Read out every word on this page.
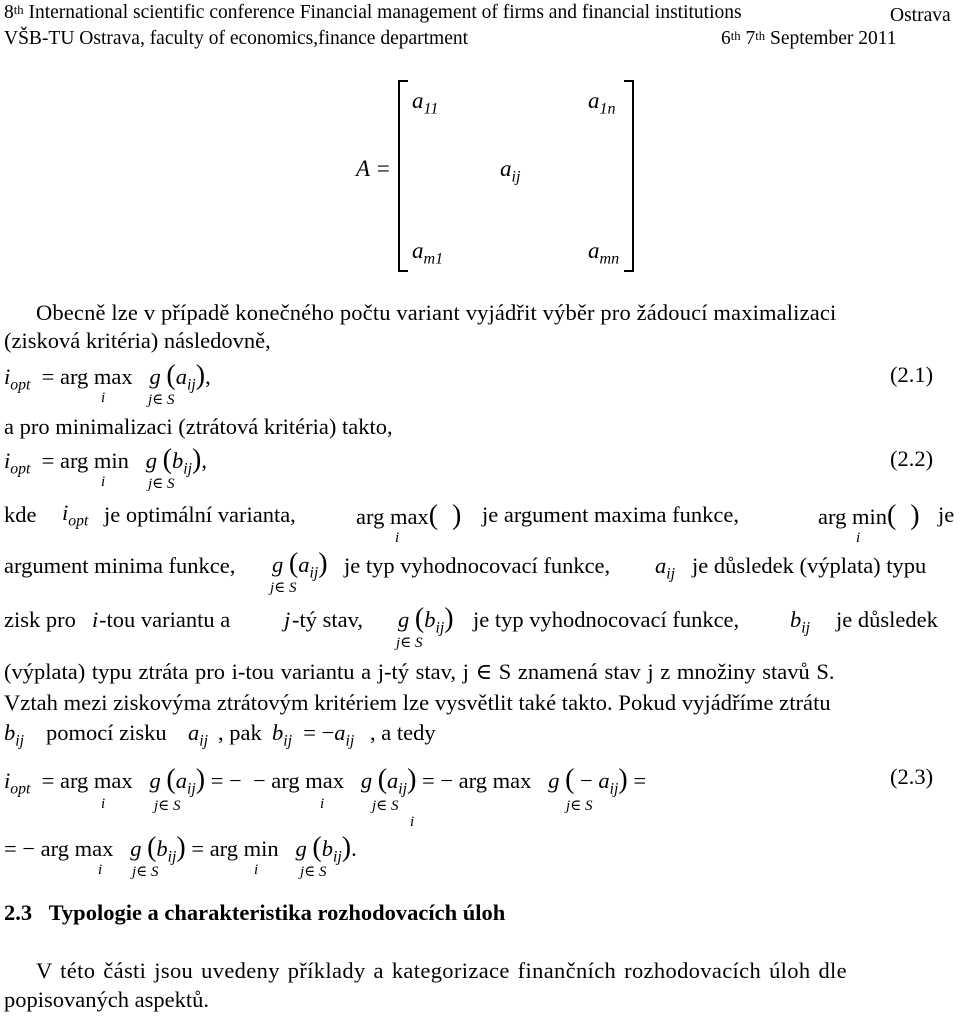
8th International scientific conference Financial management of firms and financial institutions	Ostrava
VŠB-TU Ostrava, faculty of economics,finance department	6th 7th September 2011
A =
$a_{11}$	$a_{1n}$
$a_{ij}$
$a_{m1}$	$a_{mn}$
Obecně lze v případě konečného počtu variant vyjádřit výběr pro žádoucí maximalizaci
(zisková kritéria) následovně,
$i_{opt}$  = arg max   g $(a_{ij})$,
i	j∈ S
(2.1)
a pro minimalizaci (ztrátová kritéria) takto,
$i_{opt}$  = arg min   g $(b_{ij})$,
i	j∈ S
(2.2)
kde	$i_{opt}$ je optimální varianta,	arg max(  )
i
je argument maxima funkce,	arg min(  )
i
je
argument minima funkce, g $(a_{ij})$
j∈ S
je typ vyhodnocovací funkce, $a_{ij}$ je důsledek (výplata) typu
zisk pro i -tou variantu a j -tý stav, g $(b_{ij})$
j∈ S
je typ vyhodnocovací funkce, $b_{ij}$ je důsledek
(výplata) typu ztráta pro i-tou variantu a j-tý stav, j ∈ S znamená stav j z množiny stavů S.
Vztah mezi ziskovýma ztrátovým kritériem lze vysvětlit také takto. Pokud vyjádříme ztrátu
$b_{ij}$ pomocí zisku $a_{ij}$ , pak $b_{ij} = -a_{ij}$ , a tedy
$i_{opt}$  = arg max   g $(a_{ij})$ = −  − arg max   g $(a_{ij})$ = − arg max   g ( − $a_{ij}$) =
i	j∈ S	i	j∈ S
i
j∈ S
(2.3)
= − arg max   g $(b_{ij})$ = arg min   g $(b_{ij})$.
i j∈ S	i	j∈ S
2.3 Typologie a charakteristika rozhodovacích úloh
V této části jsou uvedeny příklady a kategorizace finančních rozhodovacích úloh dle
popisovaných aspektů.
